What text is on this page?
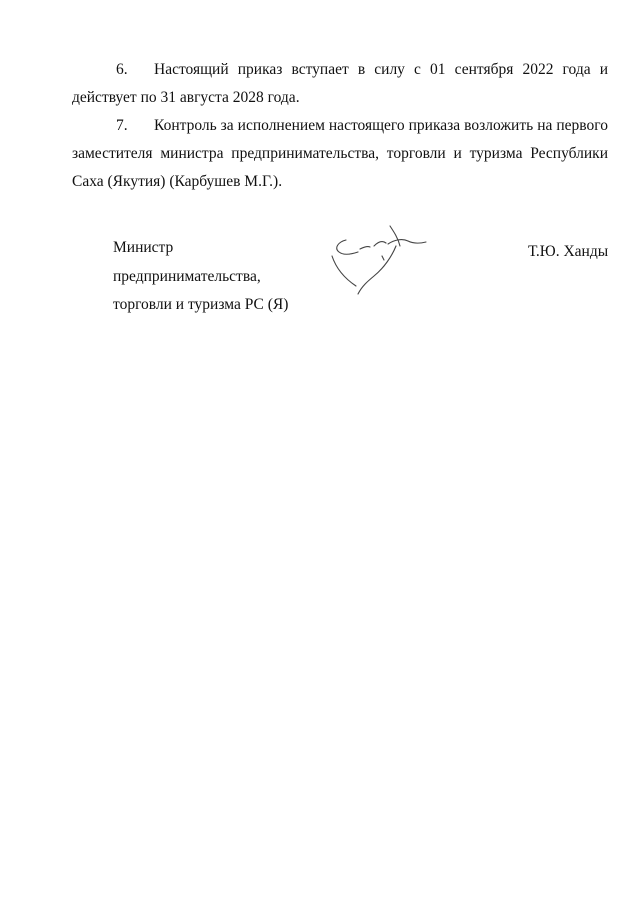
6. Настоящий приказ вступает в силу с 01 сентября 2022 года и действует по 31 августа 2028 года.

7. Контроль за исполнением настоящего приказа возложить на первого заместителя министра предпринимательства, торговли и туризма Республики Саха (Якутия) (Карбушев М.Г.).

Министр
предпринимательства,
торговли и туризма РС (Я)
Т.Ю. Ханды
